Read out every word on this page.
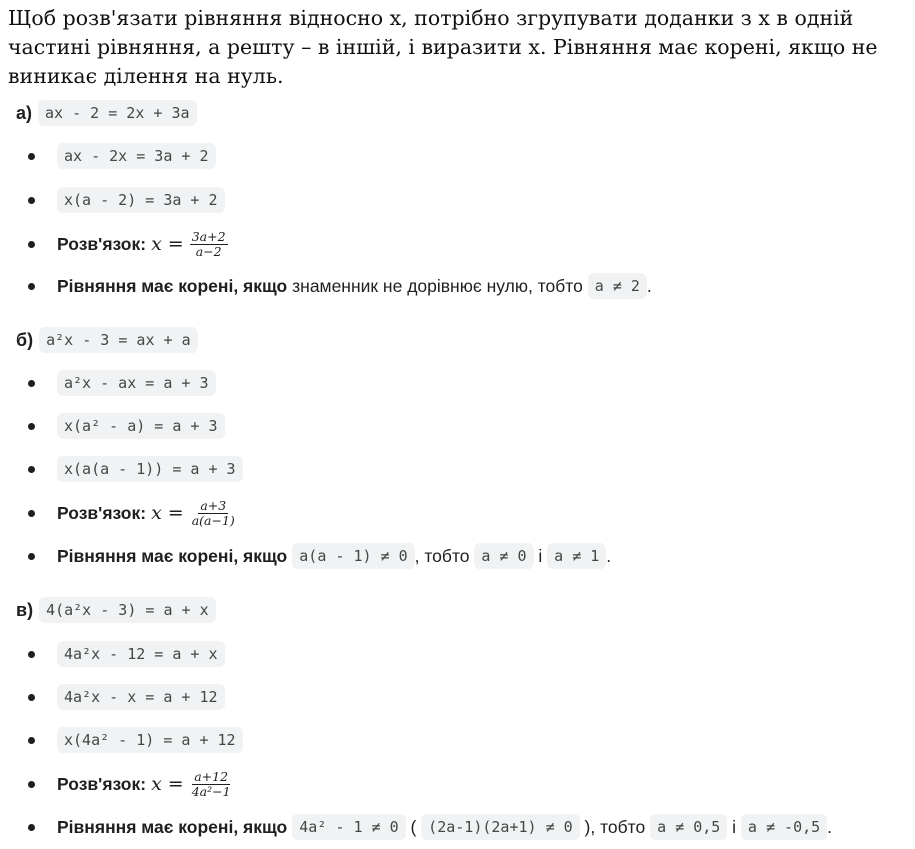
Щоб розв'язати рівняння відносно x, потрібно згрупувати доданки з x в одній частині рівняння, а решту – в іншій, і виразити x. Рівняння має корені, якщо не виникає ділення на нуль.

а) ax - 2 = 2x + 3a
ax - 2x = 3a + 2
x(a - 2) = 3a + 2
Розв'язок: $x = \frac{3a+2}{a-2}$
Рівняння має корені, якщо знаменник не дорівнює нулю, тобто a ≠ 2 .
б) a²x - 3 = ax + a
a²x - ax = a + 3
x(a² - a) = a + 3
x(a(a - 1)) = a + 3
Розв'язок: $x = \frac{a+3}{a(a-1)}$
Рівняння має корені, якщо a(a - 1) ≠ 0 , тобто a ≠ 0 і a ≠ 1 .
в) 4(a²x - 3) = a + x
4a²x - 12 = a + x
4a²x - x = a + 12
x(4a² - 1) = a + 12
Розв'язок: $x = \frac{a+12}{\text{4a²−1}}$
Рівняння має корені, якщо 4a² - 1 ≠ 0 ( (2a-1)(2a+1) ≠ 0 ), тобто a ≠ 0,5 і a ≠ -0,5 .
